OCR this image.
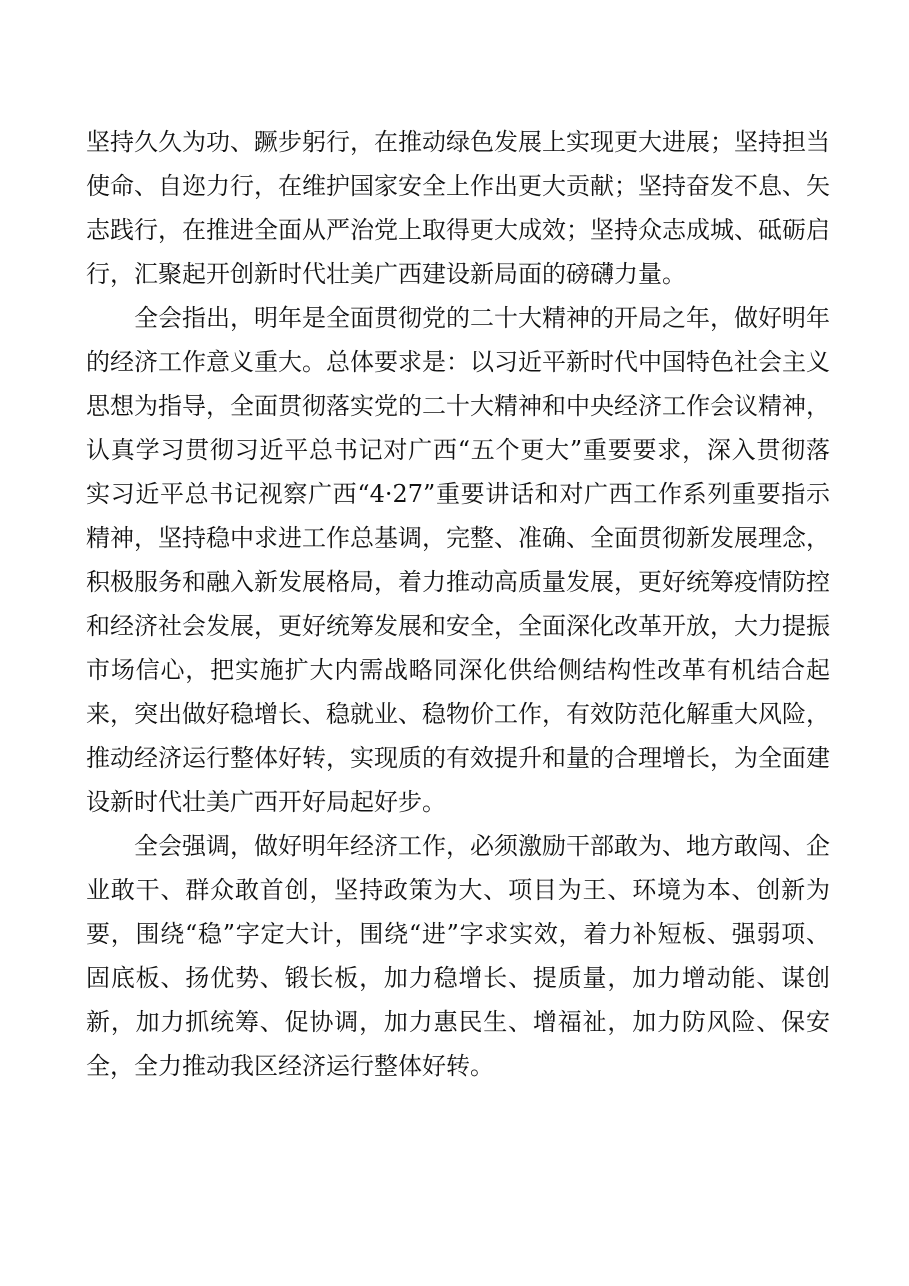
坚持久久为功、蹶步躬行，在推动绿色发展上实现更大进展；坚持担当使命、自迩力行，在维护国家安全上作出更大贡献；坚持奋发不息、矢志践行，在推进全面从严治党上取得更大成效；坚持众志成城、砥砺启行，汇聚起开创新时代壮美广西建设新局面的磅礴力量。

全会指出，明年是全面贯彻党的二十大精神的开局之年，做好明年的经济工作意义重大。总体要求是：以习近平新时代中国特色社会主义思想为指导，全面贯彻落实党的二十大精神和中央经济工作会议精神，认真学习贯彻习近平总书记对广西“五个更大”重要要求，深入贯彻落实习近平总书记视察广西“4·27”重要讲话和对广西工作系列重要指示精神，坚持稳中求进工作总基调，完整、准确、全面贯彻新发展理念，积极服务和融入新发展格局，着力推动高质量发展，更好统筹疫情防控和经济社会发展，更好统筹发展和安全，全面深化改革开放，大力提振市场信心，把实施扩大内需战略同深化供给侧结构性改革有机结合起来，突出做好稳增长、稳就业、稳物价工作，有效防范化解重大风险，推动经济运行整体好转，实现质的有效提升和量的合理增长，为全面建设新时代壮美广西开好局起好步。

全会强调，做好明年经济工作，必须激励干部敢为、地方敢闯、企业敢干、群众敢首创，坚持政策为大、项目为王、环境为本、创新为要，围绕“稳”字定大计，围绕“进”字求实效，着力补短板、强弱项、固底板、扬优势、锻长板，加力稳增长、提质量，加力增动能、谋创新，加力抓统筹、促协调，加力惠民生、增福祉，加力防风险、保安全，全力推动我区经济运行整体好转。
